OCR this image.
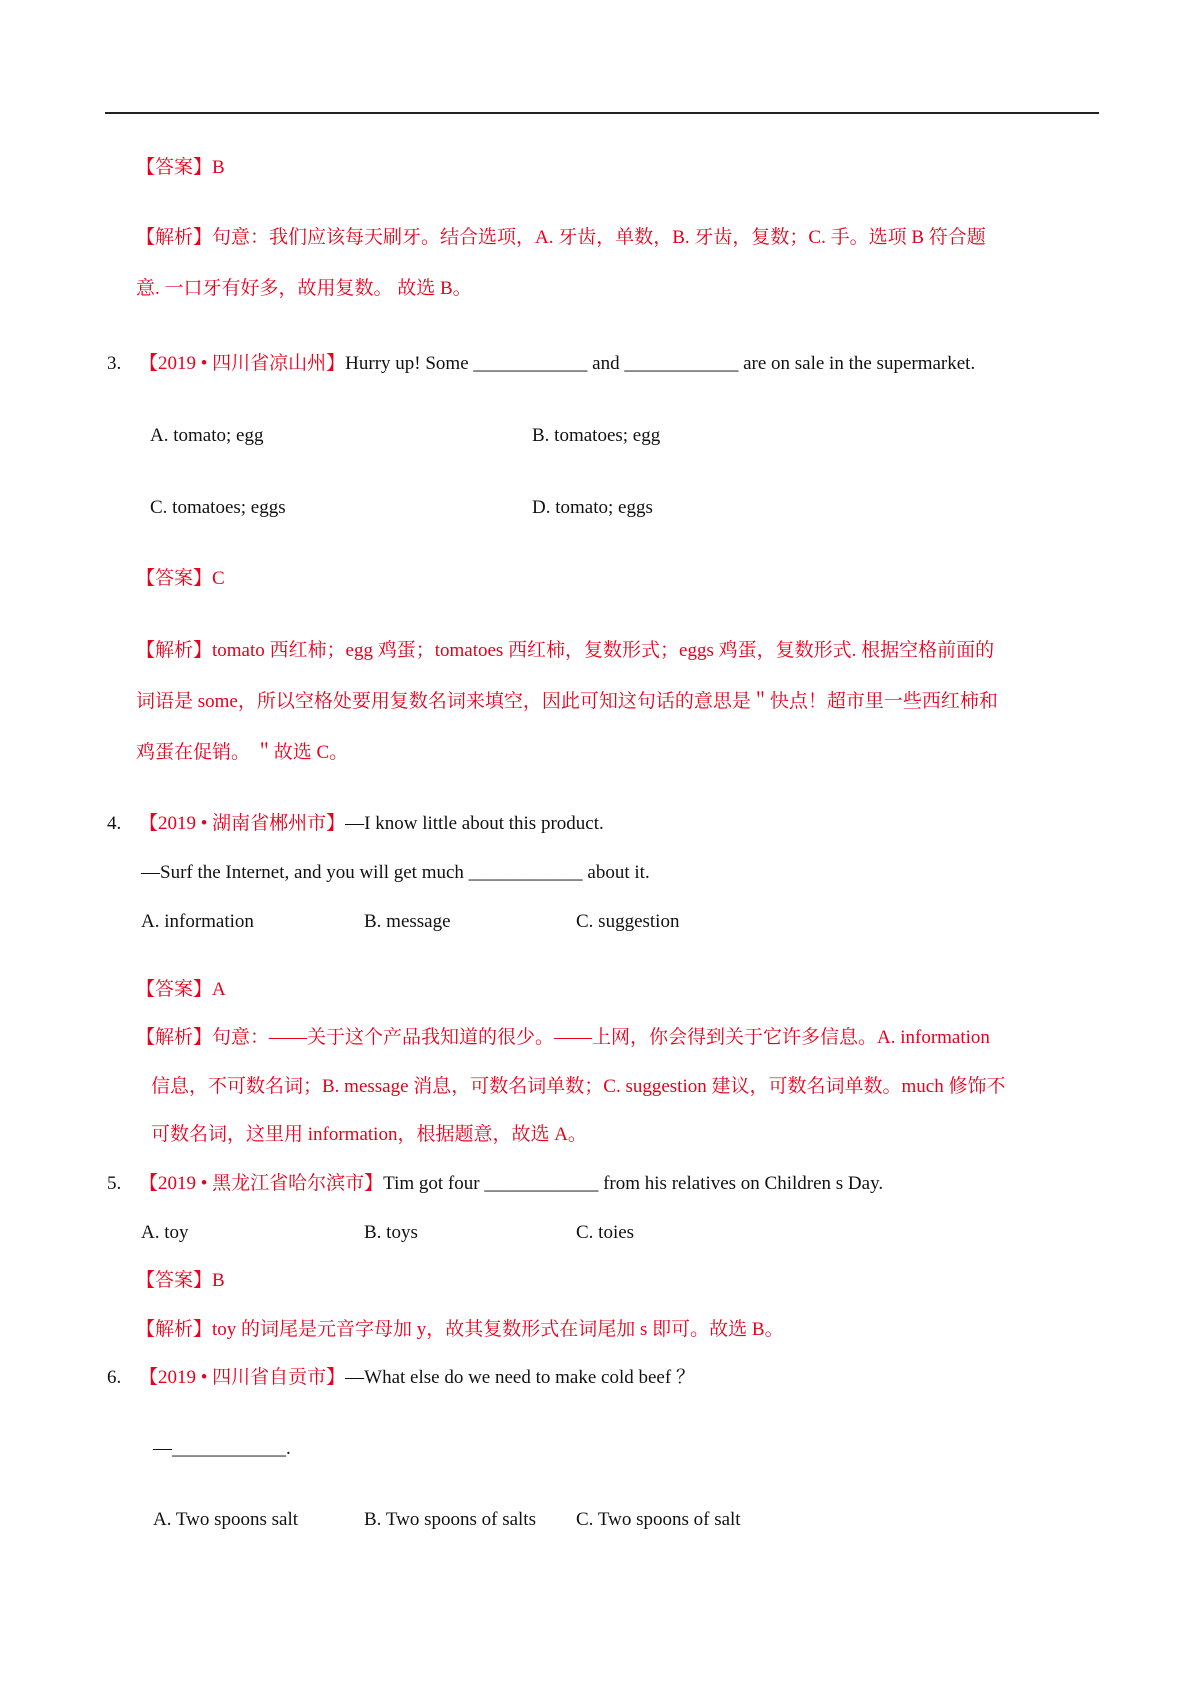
【答案】B
【解析】句意：我们应该每天刷牙。结合选项，A. 牙齿，单数，B. 牙齿，复数；C. 手。选项 B 符合题
意. 一口牙有好多，故用复数。 故选 B。
3. 【2019 • 四川省凉山州】Hurry up! Some ____________ and ____________ are on sale in the supermarket.
A. tomato; egg	B. tomatoes; egg
C. tomatoes; eggs	D. tomato; eggs
【答案】C
【解析】tomato 西红柿；egg 鸡蛋；tomatoes 西红柿，复数形式；eggs 鸡蛋，复数形式. 根据空格前面的
词语是 some，所以空格处要用复数名词来填空，因此可知这句话的意思是＂快点！超市里一些西红柿和
鸡蛋在促销。 ＂故选 C。
4. 【2019 • 湖南省郴州市】—I know little about this product.
—Surf the Internet, and you will get much ____________ about it.
A. information	B. message	C. suggestion
【答案】A
【解析】句意：——关于这个产品我知道的很少。——上网，你会得到关于它许多信息。A. information
信息，不可数名词；B. message 消息，可数名词单数；C. suggestion 建议，可数名词单数。much 修饰不
可数名词，这里用 information，根据题意，故选 A。
5. 【2019 • 黑龙江省哈尔滨市】Tim got four ____________ from his relatives on Children s Day.
A. toy	B. toys	C. toies
【答案】B
【解析】toy 的词尾是元音字母加 y，故其复数形式在词尾加 s 即可。故选 B。
6. 【2019 • 四川省自贡市】—What else do we need to make cold beef ？
—____________.
A. Two spoons salt	B. Two spoons of salts C. Two spoons of salt
